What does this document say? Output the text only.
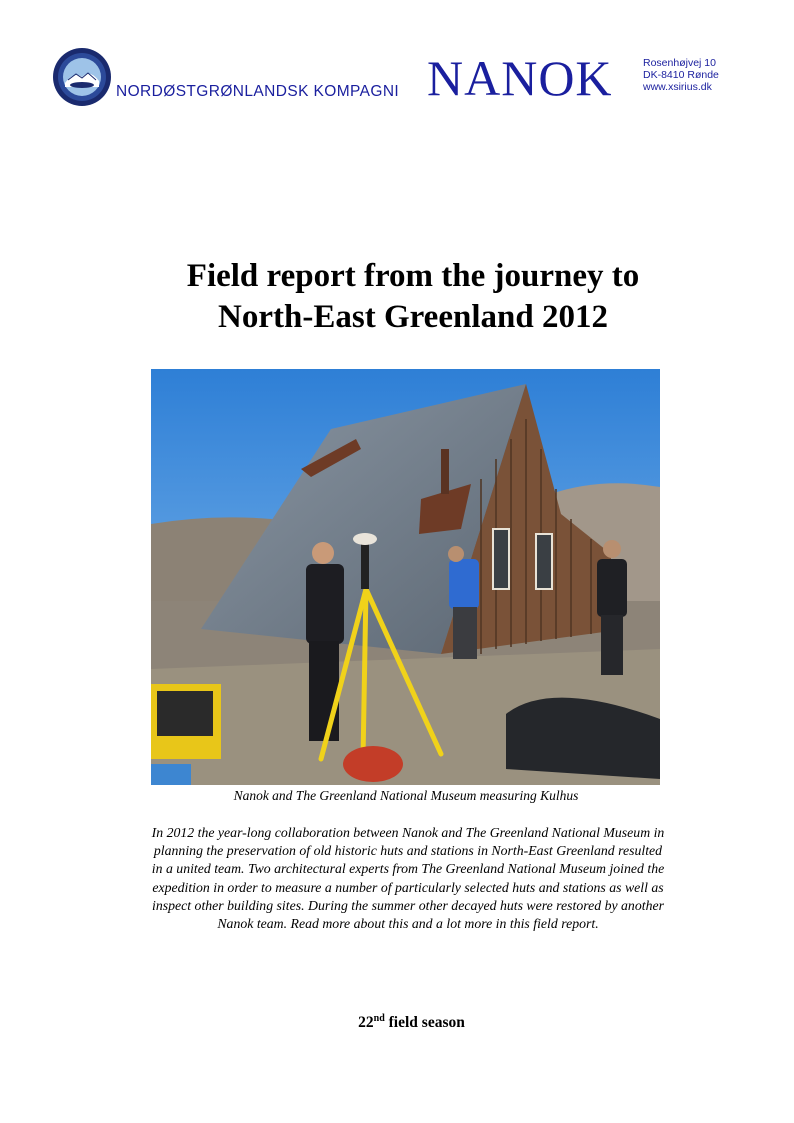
NORDØSTGRØNLANDSK KOMPAGNI NANOK	Rosenhøjvej 10
DK-8410 Rønde
www.xsirius.dk
Field report from the journey to
North-East Greenland 2012
Nanok and The Greenland National Museum measuring Kulhus
In 2012 the year-long collaboration between Nanok and The Greenland National Museum in planning the preservation of old historic huts and stations in North-East Greenland resulted in a united team. Two architectural experts from The Greenland National Museum joined the expedition in order to measure a number of particularly selected huts and stations as well as inspect other building sites. During the summer other decayed huts were restored by another Nanok team. Read more about this and a lot more in this field report.
22nd field season
